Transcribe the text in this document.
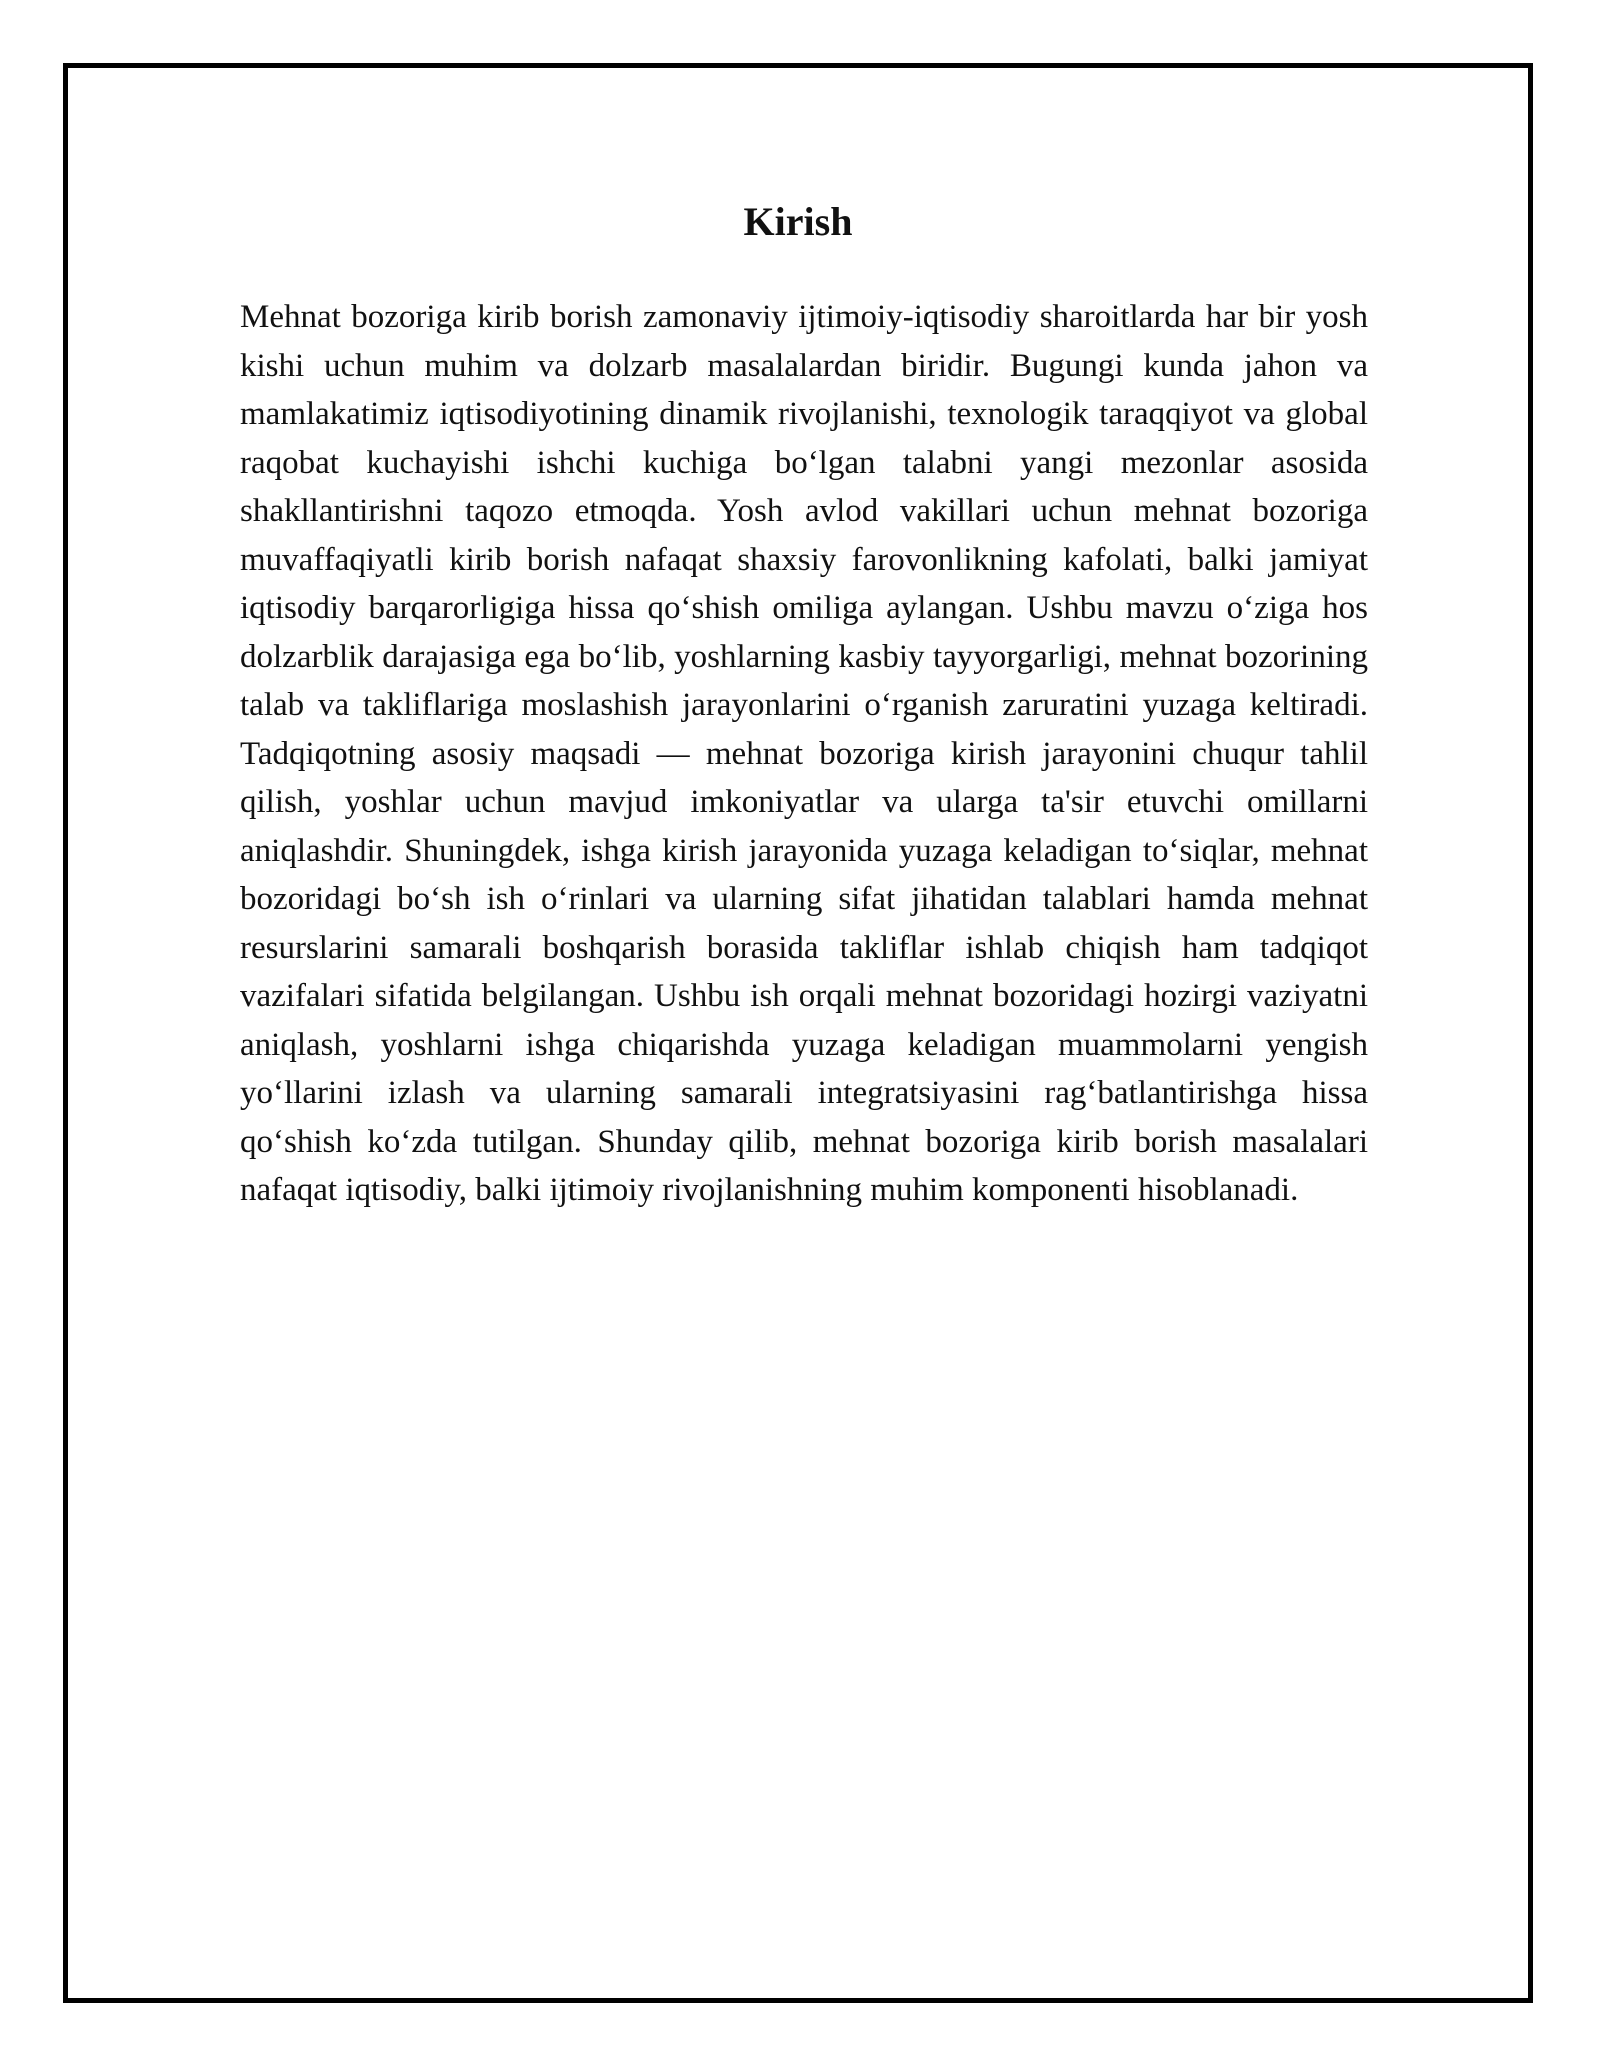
Kirish

Mehnat bozoriga kirib borish zamonaviy ijtimoiy-iqtisodiy sharoitlarda har bir yosh kishi uchun muhim va dolzarb masalalardan biridir. Bugungi kunda jahon va mamlakatimiz iqtisodiyotining dinamik rivojlanishi, texnologik taraqqiyot va global raqobat kuchayishi ishchi kuchiga bo‘lgan talabni yangi mezonlar asosida shakllantirishni taqozo etmoqda. Yosh avlod vakillari uchun mehnat bozoriga muvaffaqiyatli kirib borish nafaqat shaxsiy farovonlikning kafolati, balki jamiyat iqtisodiy barqarorligiga hissa qo‘shish omiliga aylangan. Ushbu mavzu o‘ziga hos dolzarblik darajasiga ega bo‘lib, yoshlarning kasbiy tayyorgarligi, mehnat bozorining talab va takliflariga moslashish jarayonlarini o‘rganish zaruratini yuzaga keltiradi. Tadqiqotning asosiy maqsadi — mehnat bozoriga kirish jarayonini chuqur tahlil qilish, yoshlar uchun mavjud imkoniyatlar va ularga ta'sir etuvchi omillarni aniqlashdir. Shuningdek, ishga kirish jarayonida yuzaga keladigan to‘siqlar, mehnat bozoridagi bo‘sh ish o‘rinlari va ularning sifat jihatidan talablari hamda mehnat resurslarini samarali boshqarish borasida takliflar ishlab chiqish ham tadqiqot vazifalari sifatida belgilangan. Ushbu ish orqali mehnat bozoridagi hozirgi vaziyatni aniqlash, yoshlarni ishga chiqarishda yuzaga keladigan muammolarni yengish yo‘llarini izlash va ularning samarali integratsiyasini rag‘batlantirishga hissa qo‘shish ko‘zda tutilgan. Shunday qilib, mehnat bozoriga kirib borish masalalari nafaqat iqtisodiy, balki ijtimoiy rivojlanishning muhim komponenti hisoblanadi.
